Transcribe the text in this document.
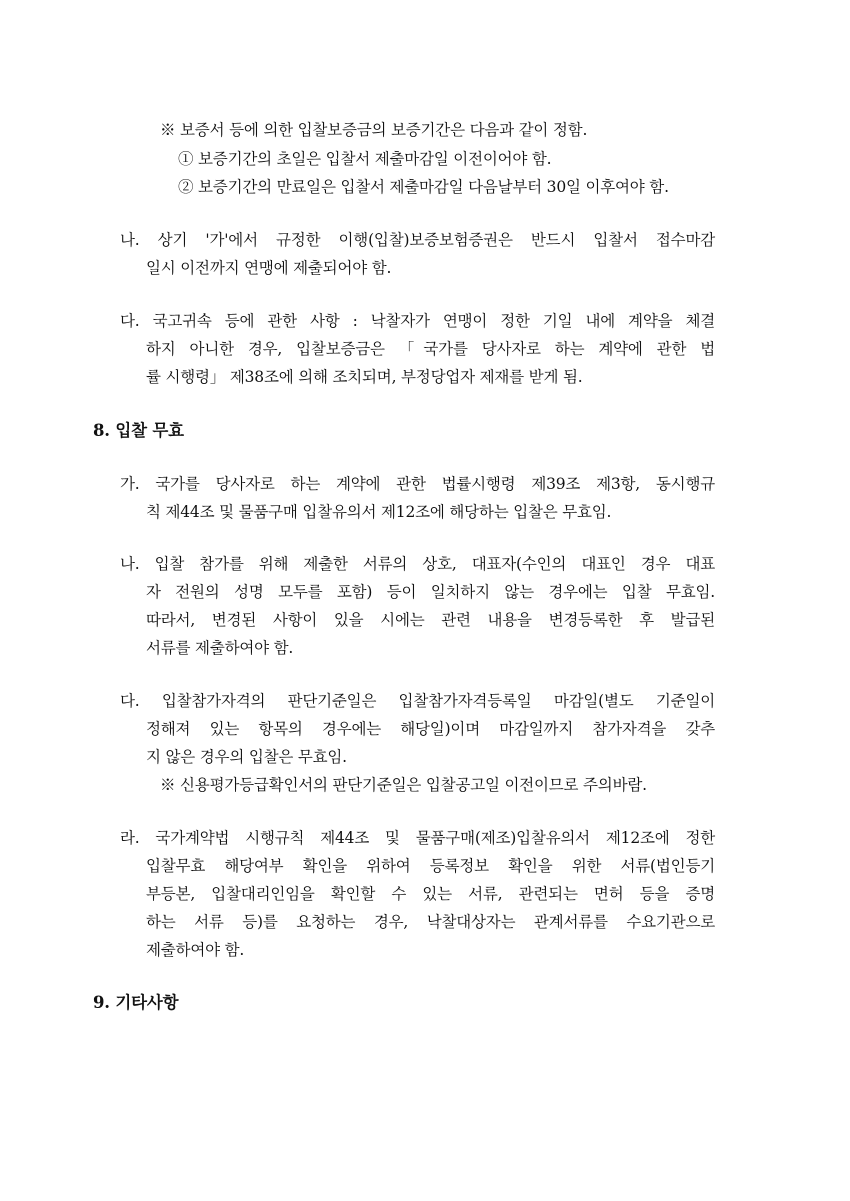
※ 보증서 등에 의한 입찰보증금의 보증기간은 다음과 같이 정함.
① 보증기간의 초일은 입찰서 제출마감일 이전이어야 함.
② 보증기간의 만료일은 입찰서 제출마감일 다음날부터 30일 이후여야 함.
나. 상기 '가'에서 규정한 이행(입찰)보증보험증권은 반드시 입찰서 접수마감
일시 이전까지 연맹에 제출되어야 함.
다. 국고귀속 등에 관한 사항 : 낙찰자가 연맹이 정한 기일 내에 계약을 체결
하지 아니한 경우, 입찰보증금은 「국가를 당사자로 하는 계약에 관한 법
률 시행령」 제38조에 의해 조치되며, 부정당업자 제재를 받게 됨.
8. 입찰 무효
가. 국가를 당사자로 하는 계약에 관한 법률시행령 제39조 제3항, 동시행규
칙 제44조 및 물품구매 입찰유의서 제12조에 해당하는 입찰은 무효임.
나. 입찰 참가를 위해 제출한 서류의 상호, 대표자(수인의 대표인 경우 대표
자 전원의 성명 모두를 포함) 등이 일치하지 않는 경우에는 입찰 무효임.
따라서, 변경된 사항이 있을 시에는 관련 내용을 변경등록한 후 발급된
서류를 제출하여야 함.
다. 입찰참가자격의 판단기준일은 입찰참가자격등록일 마감일(별도 기준일이
정해져 있는 항목의 경우에는 해당일)이며 마감일까지 참가자격을 갖추
지 않은 경우의 입찰은 무효임.
※ 신용평가등급확인서의 판단기준일은 입찰공고일 이전이므로 주의바람.
라. 국가계약법 시행규칙 제44조 및 물품구매(제조)입찰유의서 제12조에 정한
입찰무효 해당여부 확인을 위하여 등록정보 확인을 위한 서류(법인등기
부등본, 입찰대리인임을 확인할 수 있는 서류, 관련되는 면허 등을 증명
하는 서류 등)를 요청하는 경우, 낙찰대상자는 관계서류를 수요기관으로
제출하여야 함.
9. 기타사항
